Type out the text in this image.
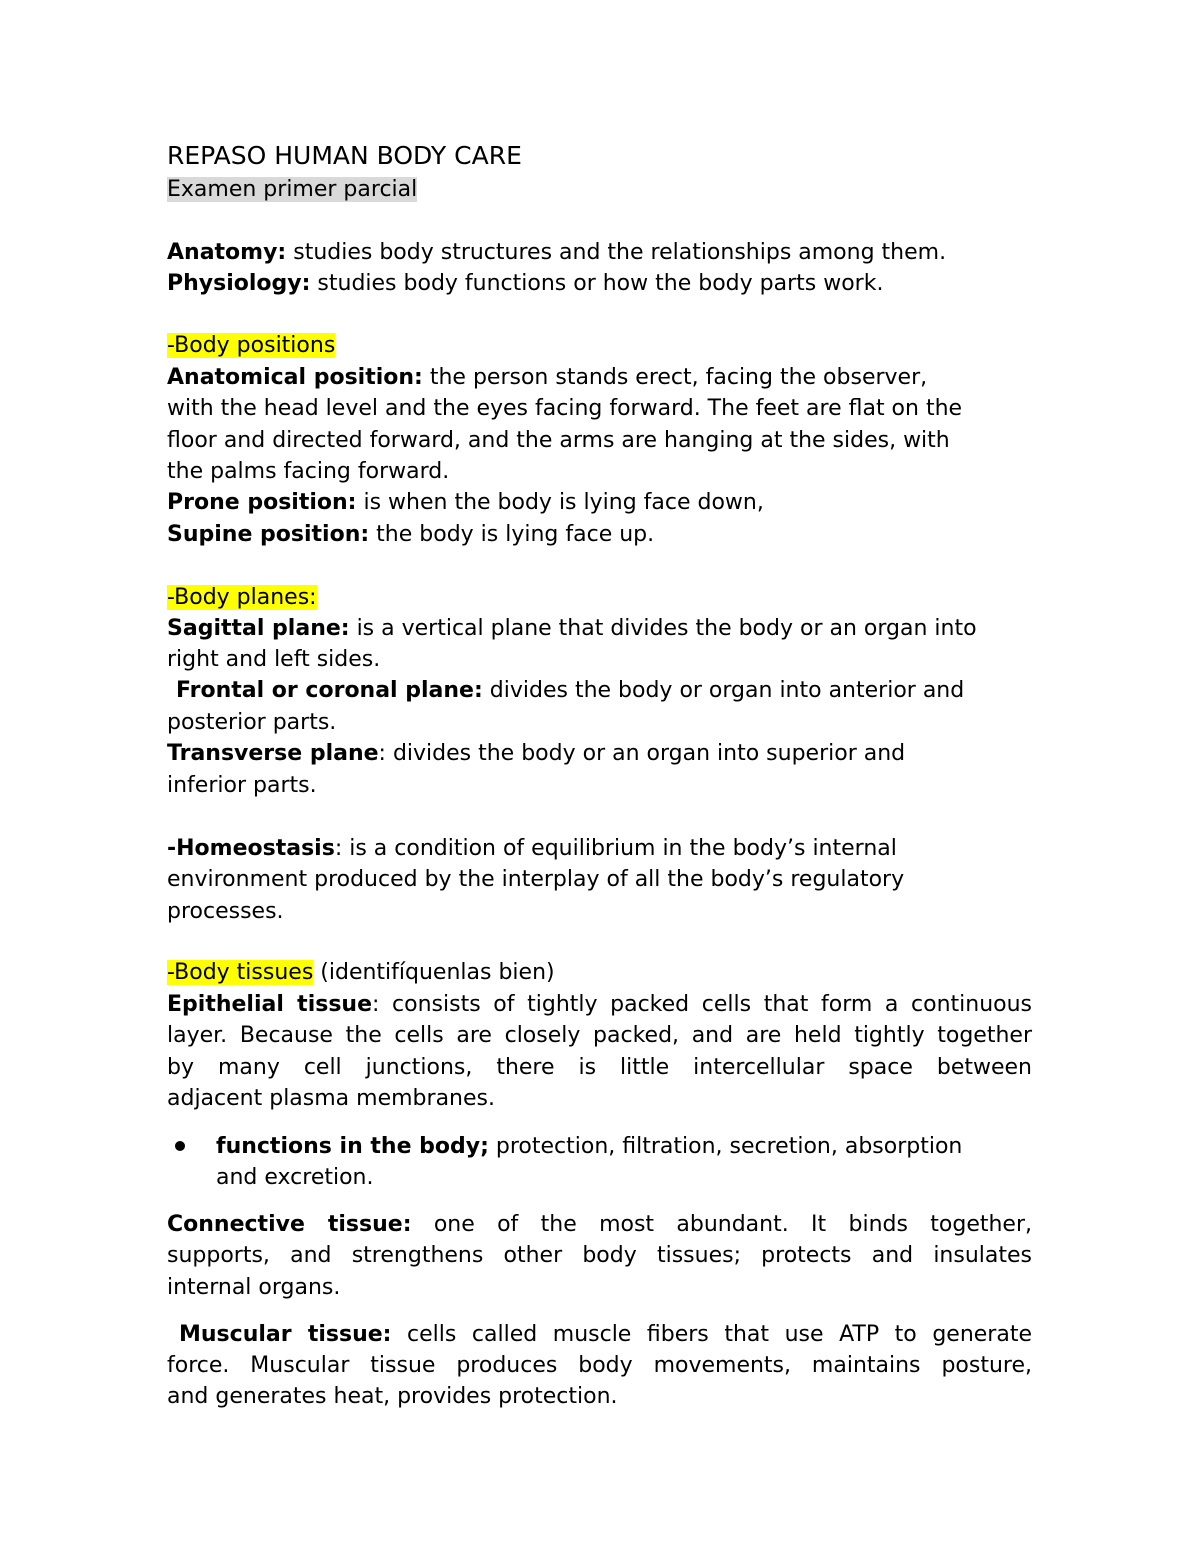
REPASO HUMAN BODY CARE
Examen primer parcial
Anatomy: studies body structures and the relationships among them.
Physiology: studies body functions or how the body parts work.
-Body positions
Anatomical position: the person stands erect, facing the observer,
with the head level and the eyes facing forward. The feet are flat on the
floor and directed forward, and the arms are hanging at the sides, with
the palms facing forward.
Prone position: is when the body is lying face down,
Supine position: the body is lying face up.
-Body planes:
Sagittal plane: is a vertical plane that divides the body or an organ into
right and left sides.
Frontal or coronal plane: divides the body or organ into anterior and
posterior parts.
Transverse plane: divides the body or an organ into superior and
inferior parts.
-Homeostasis: is a condition of equilibrium in the body’s internal
environment produced by the interplay of all the body’s regulatory
processes.
-Body tissues (identifíquenlas bien)
Epithelial tissue: consists of tightly packed cells that form a continuous
layer. Because the cells are closely packed, and are held tightly together
by many cell junctions, there is little intercellular space between
adjacent plasma membranes.
functions in the body; protection, filtration, secretion, absorption
and excretion.
Connective tissue: one of the most abundant. It binds together,
supports, and strengthens other body tissues; protects and insulates
internal organs.
Muscular tissue: cells called muscle fibers that use ATP to generate
force. Muscular tissue produces body movements, maintains posture,
and generates heat, provides protection.
